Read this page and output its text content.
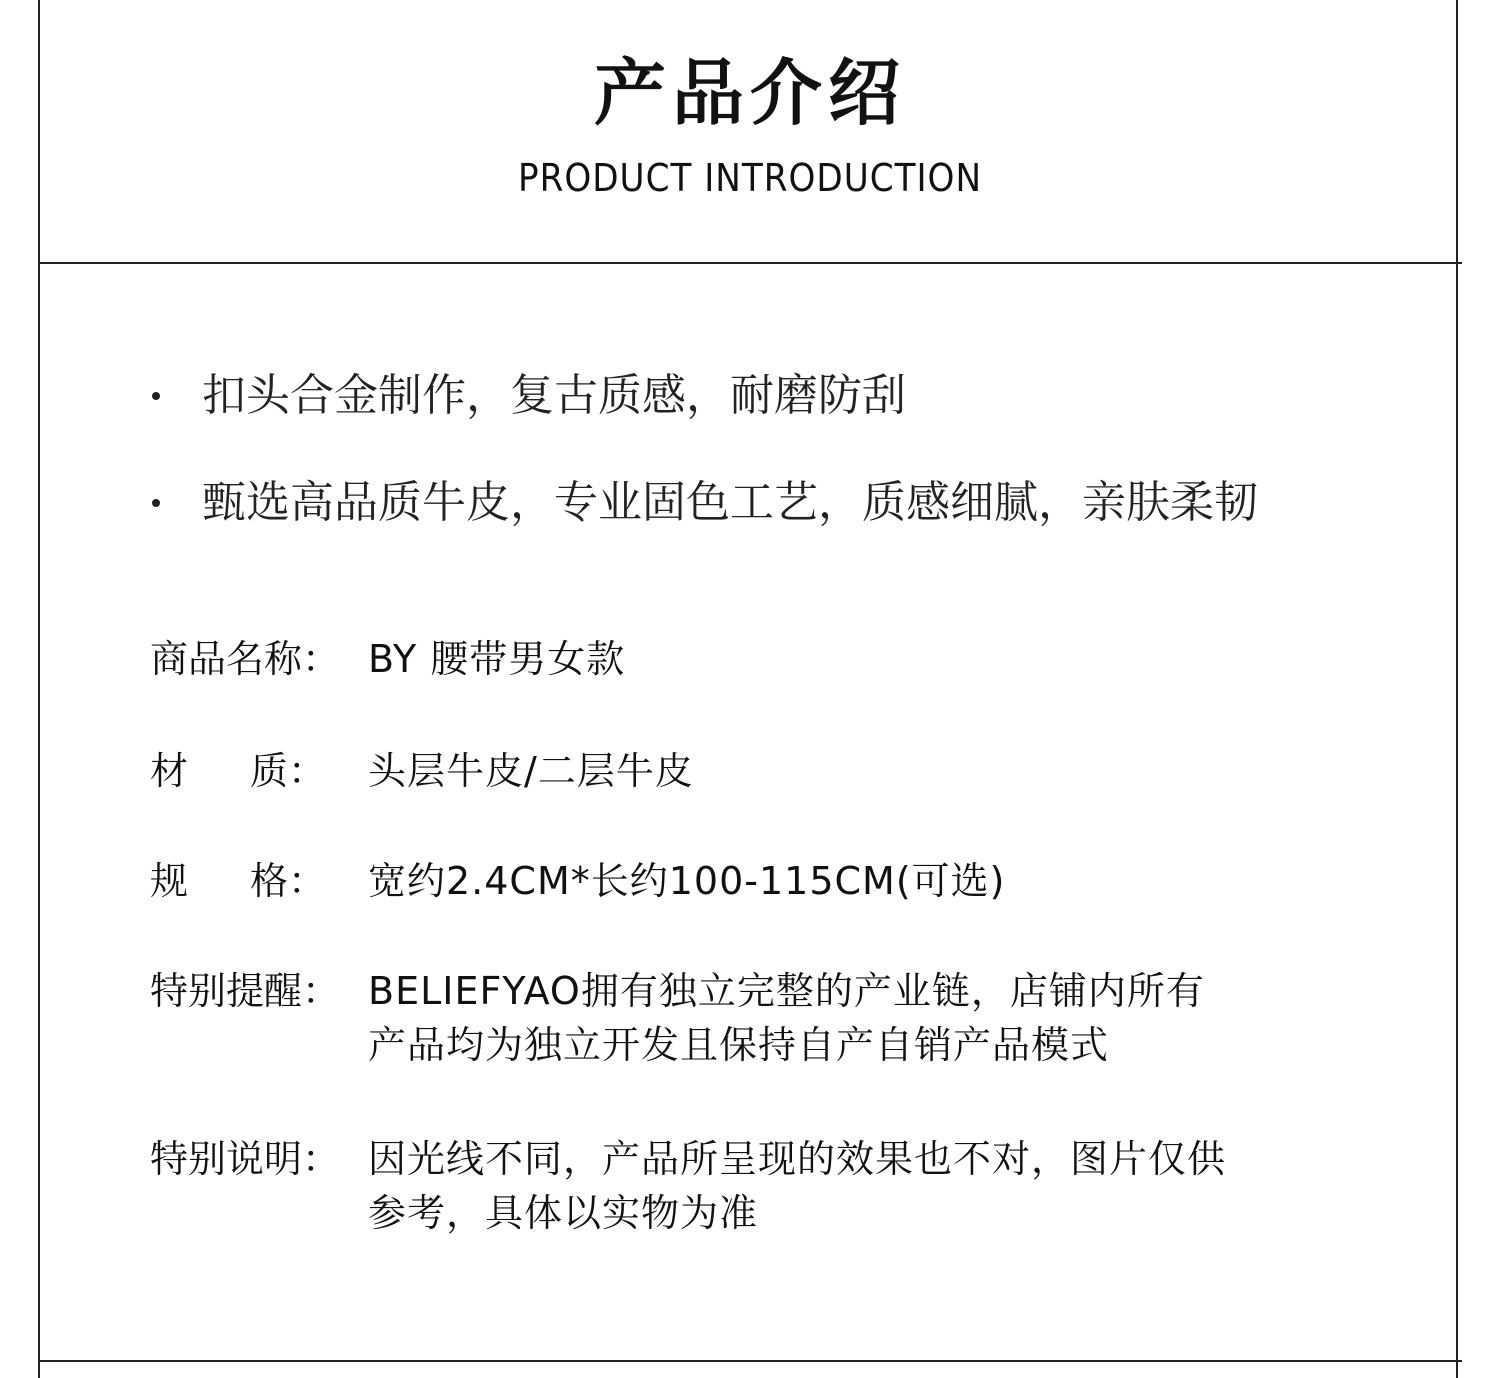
产品介绍
PRODUCT INTRODUCTION
扣头合金制作，复古质感，耐磨防刮
甄选高品质牛皮，专业固色工艺，质感细腻，亲肤柔韧
商品名称： BY 腰带男女款
材 质： 头层牛皮/二层牛皮
规 格： 宽约2.4CM*长约100-115CM(可选)
特别提醒： BELIEFYAO拥有独立完整的产业链，店铺内所有
产品均为独立开发且保持自产自销产品模式
特别说明： 因光线不同，产品所呈现的效果也不对，图片仅供
参考，具体以实物为准
